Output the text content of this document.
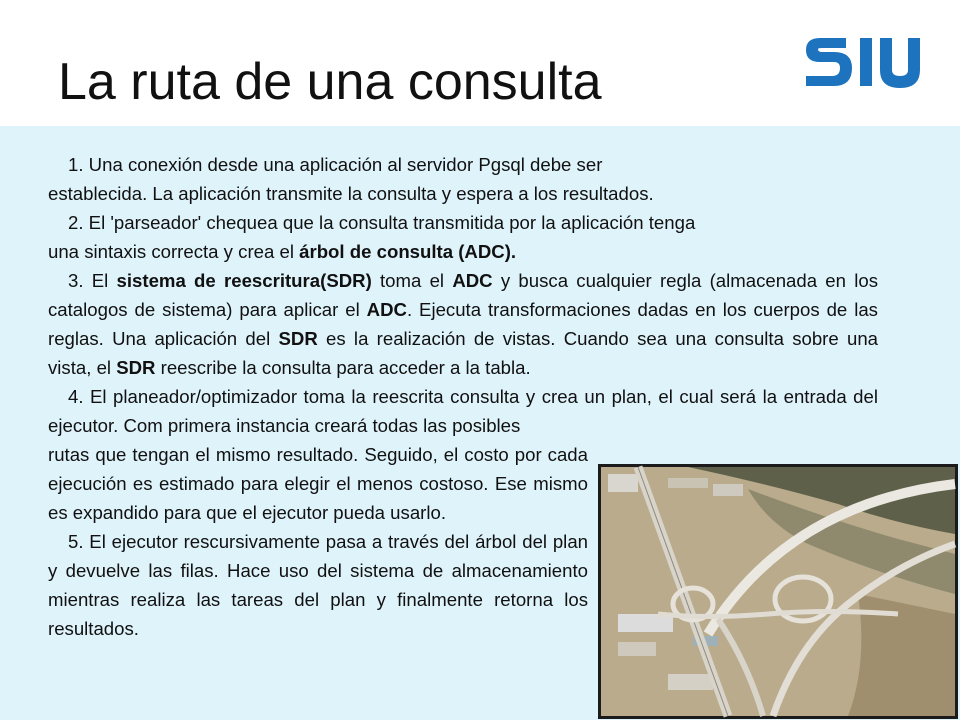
La ruta de una consulta

1. Una conexión desde una aplicación al servidor Pgsql debe ser

establecida. La aplicación transmite la consulta y espera a los resultados.

2. El 'parseador' chequea que la consulta transmitida por la aplicación tenga

una sintaxis correcta y crea el árbol de consulta (ADC).

3. El sistema de reescritura(SDR) toma el ADC y busca cualquier regla (almacenada en los catalogos de sistema) para aplicar el ADC. Ejecuta transformaciones dadas en los cuerpos de las reglas. Una aplicación del SDR es la realización de vistas. Cuando sea una consulta sobre una vista, el SDR reescribe la consulta para acceder a la tabla.

4. El planeador/optimizador toma la reescrita consulta y crea un plan, el cual será la entrada del ejecutor. Com primera instancia creará todas las posibles

rutas que tengan el mismo resultado. Seguido, el costo por cada ejecución es estimado para elegir el menos costoso. Ese mismo es expandido para que el ejecutor pueda usarlo.

5. El ejecutor rescursivamente pasa a través del árbol del plan y devuelve las filas. Hace uso del sistema de almacenamiento mientras realiza las tareas del plan y finalmente retorna los resultados.
